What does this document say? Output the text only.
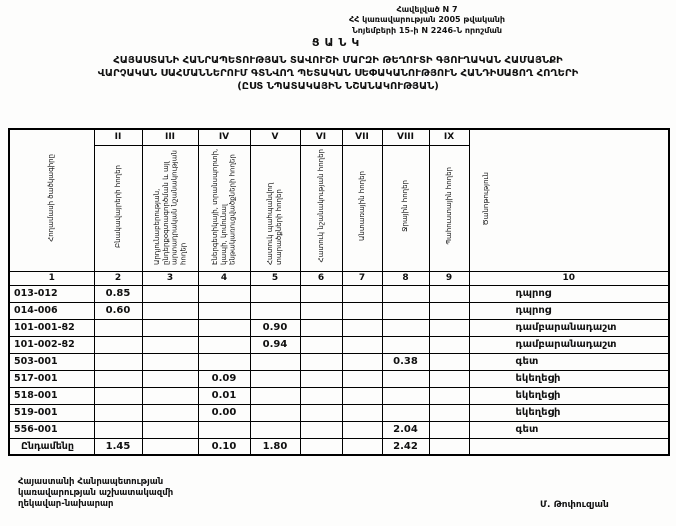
Հավելված N 7
ՀՀ կառավարության 2005 թվականի
Նոյեմբերի 15-ի N 2246-Ն որոշման
ՑԱՆԿ
ՀԱՅԱՍՏԱՆԻ ՀԱՆՐԱՊԵՏՈՒԹՅԱՆ ՏԱՎՈՒՇԻ ՄԱՐԶԻ ԹԵՂՈՒՏԻ ԳՅՈՒՂԱԿԱՆ ՀԱՄԱՅՆՔԻ
ՎԱՐՉԱԿԱՆ ՍԱՀՄԱՆՆԵՐՈՒՄ ԳՏՆՎՈՂ ՊԵՏԱԿԱՆ ՍԵՓԱԿԱՆՈՒԹՅՈՒՆ ՀԱՆԴԻՍԱՑՈՂ ՀՈՂԵՐԻ
(ԸՍՏ ՆՊԱՏԱԿԱՅԻՆ ՆՇԱՆԱԿՈՒԹՅԱՆ)
Հողամասի ծածկագիրը	II	III	IV	V	VI	VII	VIII	IX	Ծանոթություն
	Բնակավայրերի հողեր	Արդյունաբերության, ընդերքօգտագործման և այլ արտադրական նշանակության հողեր	Էներգետիկայի, տրանսպորտի, կապի, կոմունալ ենթակառուցվածքների հողեր	Հատուկ պահպանվող տարածքների հողեր	Հատուկ նշանակության հողեր	Անտառային հողեր	Ջրային հողեր	Պահուստային հողեր	
1	2	3	4	5	6	7	8	9	10
013-012	0.85								դպրոց
014-006	0.60								դպրոց
101-001-Ց2				0.90					դամբարանադաշտ
101-002-Ց2				0.94					դամբարանադաշտ
503-001							0.38		գետ
517-001			0.09						եկեղեցի
518-001			0.01						եկեղեցի
519-001			0.00						եկեղեցի
556-001							2.04		գետ
Ընդամենը	1.45		0.10	1.80			2.42		
Հայաստանի Հանրապետության
կառավարության աշխատակազմի
ղեկավար-նախարար	Մ. Թոփուզյան
